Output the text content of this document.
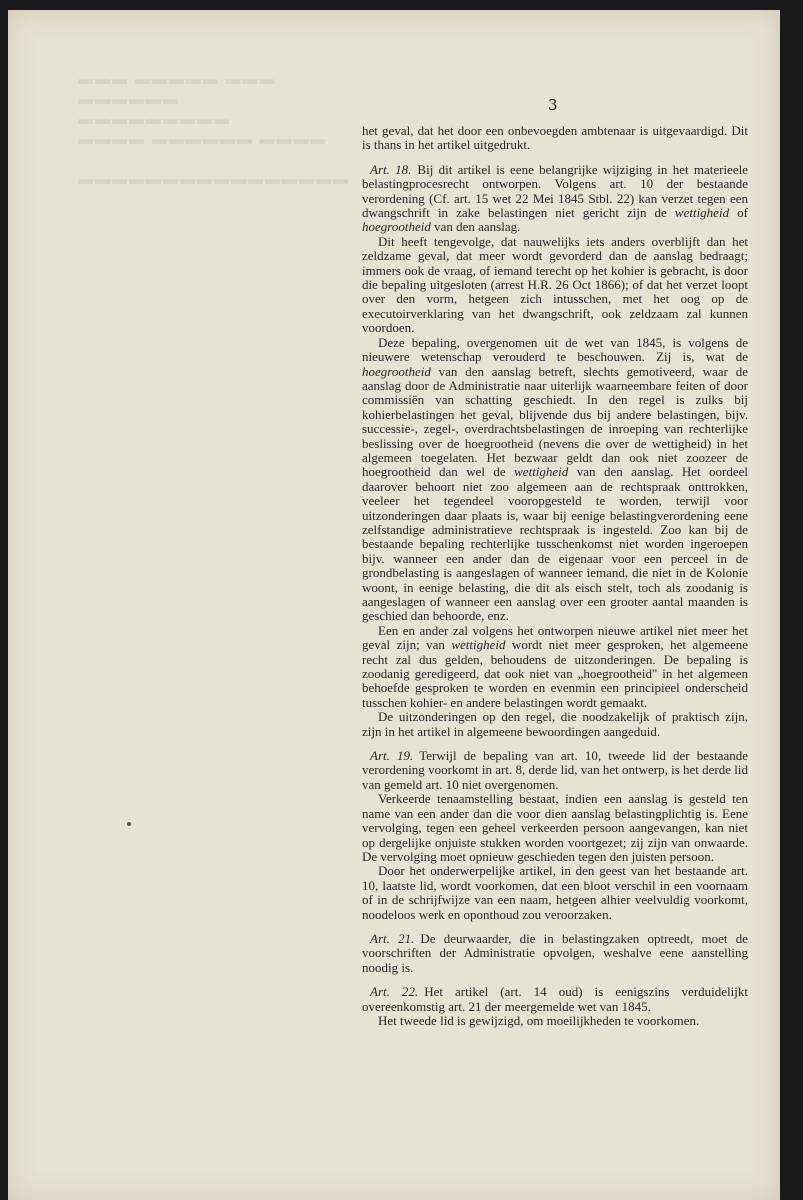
▬▬▬ ▬▬▬▬▬ ▬▬▬
▬▬▬▬▬▬ ▬▬▬▬▬▬▬▬▬
▬▬▬▬ ▬▬▬▬▬▬ ▬▬▬▬

▬▬▬▬▬▬▬▬▬▬▬▬▬▬▬▬
3

het geval, dat het door een onbevoegden ambtenaar is uitgevaardigd. Dit is thans in het artikel uitgedrukt.

Art. 18. Bij dit artikel is eene belangrijke wijziging in het materieele belastingprocesrecht ontworpen. Volgens art. 10 der bestaande verordening (Cf. art. 15 wet 22 Mei 1845 Stbl. 22) kan verzet tegen een dwangschrift in zake belastingen niet gericht zijn de wettigheid of hoegrootheid van den aanslag.

Dit heeft tengevolge, dat nauwelijks iets anders overblijft dan het zeldzame geval, dat meer wordt gevorderd dan de aanslag bedraagt; immers ook de vraag, of iemand terecht op het kohier is gebracht, is door die bepaling uitgesloten (arrest H.R. 26 Oct 1866); of dat het verzet loopt over den vorm, hetgeen zich intusschen, met het oog op de executoirverklaring van het dwangschrift, ook zeldzaam zal kunnen voordoen.

Deze bepaling, overgenomen uit de wet van 1845, is volgens de nieuwere wetenschap verouderd te beschouwen. Zij is, wat de hoegrootheid van den aanslag betreft, slechts gemotiveerd, waar de aanslag door de Administratie naar uiterlijk waarneembare feiten of door commissiën van schatting geschiedt. In den regel is zulks bij kohierbelastingen het geval, blijvende dus bij andere belastingen, bijv. successie-, zegel-, overdrachtsbelastingen de inroeping van rechterlijke beslissing over de hoegrootheid (nevens die over de wettigheid) in het algemeen toegelaten. Het bezwaar geldt dan ook niet zoozeer de hoegrootheid dan wel de wettigheid van den aanslag. Het oordeel daarover behoort niet zoo algemeen aan de rechtspraak onttrokken, veeleer het tegendeel vooropgesteld te worden, terwijl voor uitzonderingen daar plaats is, waar bij eenige belastingverordening eene zelfstandige administratieve rechtspraak is ingesteld. Zoo kan bij de bestaande bepaling rechterlijke tusschenkomst niet worden ingeroepen bijv. wanneer een ander dan de eigenaar voor een perceel in de grondbelasting is aangeslagen of wanneer iemand, die niet in de Kolonie woont, in eenige belasting, die dit als eisch stelt, toch als zoodanig is aangeslagen of wanneer een aanslag over een grooter aantal maanden is geschied dan behoorde, enz.

Een en ander zal volgens het ontworpen nieuwe artikel niet meer het geval zijn; van wettigheid wordt niet meer gesproken, het algemeene recht zal dus gelden, behoudens de uitzonderingen. De bepaling is zoodanig geredigeerd, dat ook niet van „hoegrootheid" in het algemeen behoefde gesproken te worden en evenmin een principieel onderscheid tusschen kohier- en andere belastingen wordt gemaakt.

De uitzonderingen op den regel, die noodzakelijk of praktisch zijn, zijn in het artikel in algemeene bewoordingen aangeduid.

Art. 19. Terwijl de bepaling van art. 10, tweede lid der bestaande verordening voorkomt in art. 8, derde lid, van het ontwerp, is het derde lid van gemeld art. 10 niet overgenomen.

Verkeerde tenaamstelling bestaat, indien een aanslag is gesteld ten name van een ander dan die voor dien aanslag belastingplichtig is. Eene vervolging, tegen een geheel verkeerden persoon aangevangen, kan niet op dergelijke onjuiste stukken worden voortgezet; zij zijn van onwaarde. De vervolging moet opnieuw geschieden tegen den juisten persoon.

Door het onderwerpelijke artikel, in den geest van het bestaande art. 10, laatste lid, wordt voorkomen, dat een bloot verschil in een voornaam of in de schrijfwijze van een naam, hetgeen alhier veelvuldig voorkomt, noodeloos werk en oponthoud zou veroorzaken.

Art. 21. De deurwaarder, die in belastingzaken optreedt, moet de voorschriften der Administratie opvolgen, weshalve eene aanstelling noodig is.

Art. 22. Het artikel (art. 14 oud) is eenigszins verduidelijkt overeenkomstig art. 21 der meergemelde wet van 1845.

Het tweede lid is gewijzigd, om moeilijkheden te voorkomen.
